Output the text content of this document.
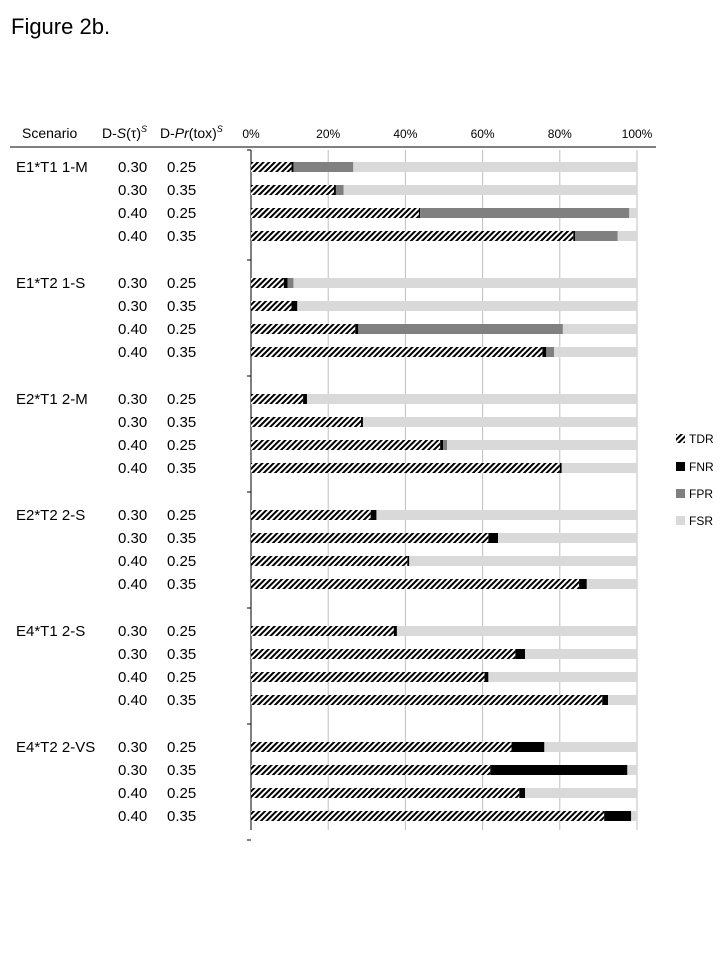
Figure 2b.
Scenario $D-S(\tau)^S$ D-Pr(tox)$^S$ 0%	20%	40%	60%	80%	100%
E1*T1 1-M 0.30 0.25
0.30 0.35
0.40 0.25
0.40 0.35
E1*T2 1-S 0.30 0.25
0.30 0.35
0.40 0.25
0.40 0.35
E2*T1 2-M 0.30 0.25
0.30 0.35
0.40 0.25
0.40 0.35
E2*T2 2-S 0.30 0.25
0.30 0.35
0.40 0.25
0.40 0.35
E4*T1 2-S 0.30 0.25
0.30 0.35
0.40 0.25
0.40 0.35
E4*T2 2-VS 0.30 0.25
0.30 0.35
0.40 0.25
0.40 0.35
TDR
FNR
FPR
FSR
